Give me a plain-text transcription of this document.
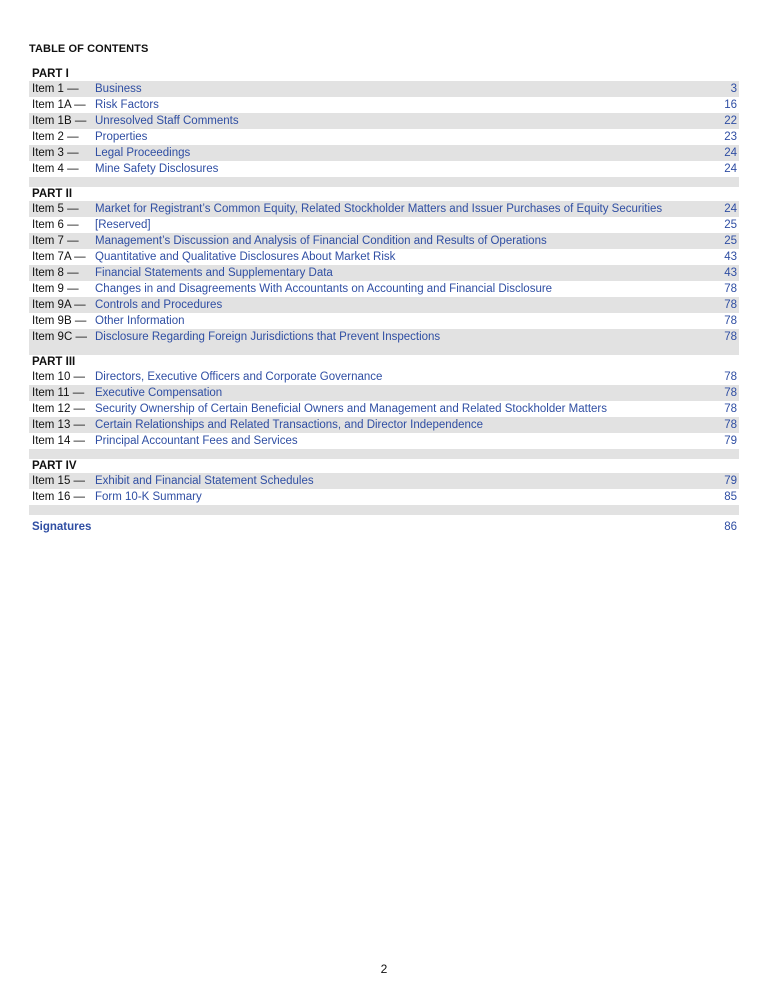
TABLE OF CONTENTS
PART I
Item 1 —	Business	3
Item 1A — Risk Factors	16
Item 1B — Unresolved Staff Comments	22
Item 2 —	Properties	23
Item 3 —	Legal Proceedings	24
Item 4 —	Mine Safety Disclosures	24
PART II
Item 5 —	Market for Registrant’s Common Equity, Related Stockholder Matters and Issuer Purchases of Equity Securities	24
Item 6 —	[Reserved]	25
Item 7 —	Management’s Discussion and Analysis of Financial Condition and Results of Operations	25
Item 7A — Quantitative and Qualitative Disclosures About Market Risk	43
Item 8 —	Financial Statements and Supplementary Data	43
Item 9 —	Changes in and Disagreements With Accountants on Accounting and Financial Disclosure	78
Item 9A — Controls and Procedures	78
Item 9B — Other Information	78
Item 9C — Disclosure Regarding Foreign Jurisdictions that Prevent Inspections	78
PART III
Item 10 — Directors, Executive Officers and Corporate Governance	78
Item 11 — Executive Compensation	78
Item 12 — Security Ownership of Certain Beneficial Owners and Management and Related Stockholder Matters	78
Item 13 — Certain Relationships and Related Transactions, and Director Independence	78
Item 14 — Principal Accountant Fees and Services	79
PART IV
Item 15 — Exhibit and Financial Statement Schedules	79
Item 16 — Form 10-K Summary	85
Signatures	86
2
